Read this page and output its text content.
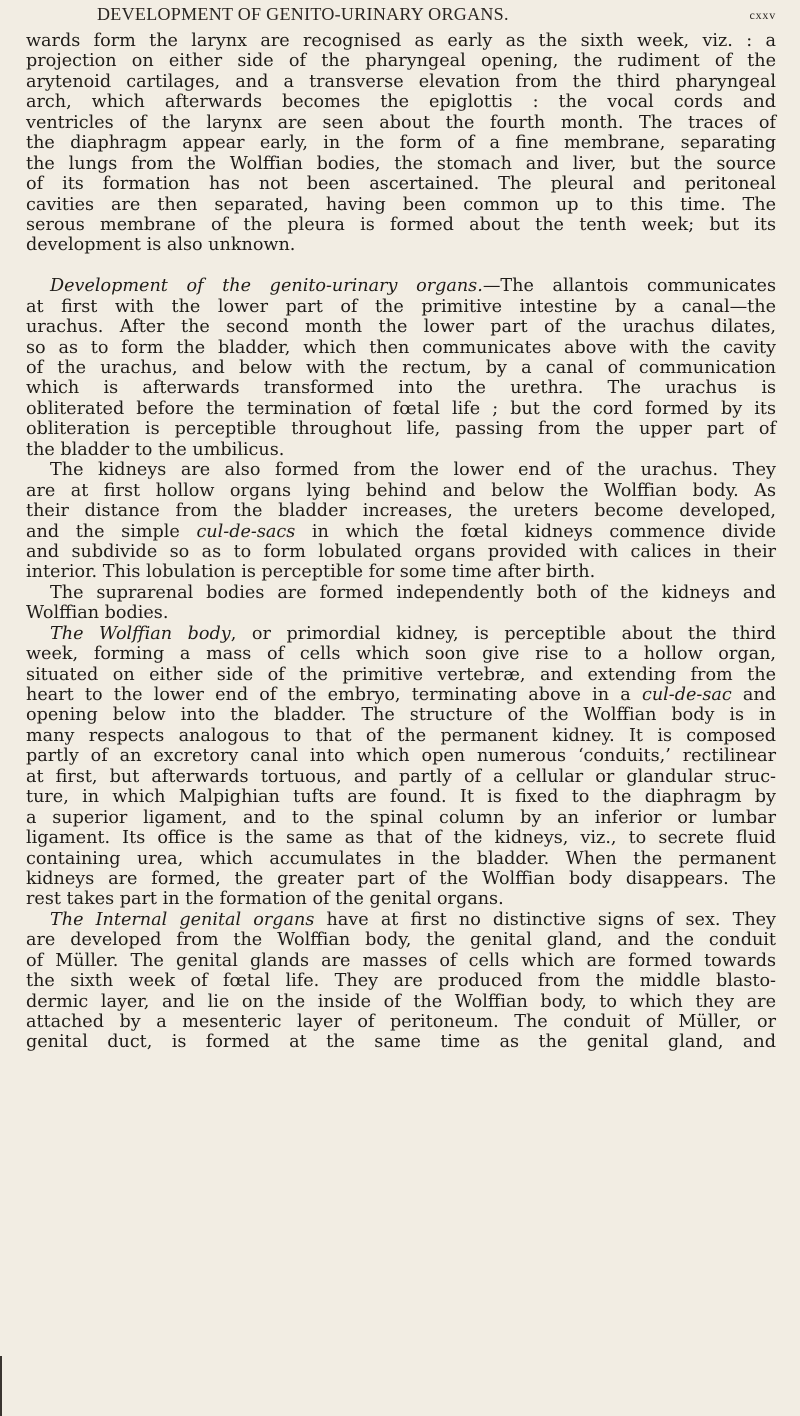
DEVELOPMENT OF GENITO-URINARY ORGANS.	cxxv
wards form the larynx are recognised as early as the sixth week, viz. : a
projection on either side of the pharyngeal opening, the rudiment of the
arytenoid cartilages, and a transverse elevation from the third pharyngeal
arch, which afterwards becomes the epiglottis : the vocal cords and
ventricles of the larynx are seen about the fourth month. The traces of
the diaphragm appear early, in the form of a fine membrane, separating
the lungs from the Wolffian bodies, the stomach and liver, but the source
of its formation has not been ascertained. The pleural and peritoneal
cavities are then separated, having been common up to this time. The
serous membrane of the pleura is formed about the tenth week; but its
development is also unknown.
Development of the genito-urinary organs.—The allantois communicates
at first with the lower part of the primitive intestine by a canal—the
urachus. After the second month the lower part of the urachus dilates,
so as to form the bladder, which then communicates above with the cavity
of the urachus, and below with the rectum, by a canal of communication
which is afterwards transformed into the urethra. The urachus is
obliterated before the termination of fœtal life ; but the cord formed by its
obliteration is perceptible throughout life, passing from the upper part of
the bladder to the umbilicus.
The kidneys are also formed from the lower end of the urachus. They
are at first hollow organs lying behind and below the Wolffian body. As
their distance from the bladder increases, the ureters become developed,
and the simple cul-de-sacs in which the fœtal kidneys commence divide
and subdivide so as to form lobulated organs provided with calices in their
interior. This lobulation is perceptible for some time after birth.
The suprarenal bodies are formed independently both of the kidneys and
Wolffian bodies.
The Wolffian body, or primordial kidney, is perceptible about the third
week, forming a mass of cells which soon give rise to a hollow organ,
situated on either side of the primitive vertebræ, and extending from the
heart to the lower end of the embryo, terminating above in a cul-de-sac and
opening below into the bladder. The structure of the Wolffian body is in
many respects analogous to that of the permanent kidney. It is composed
partly of an excretory canal into which open numerous ‘conduits,’ rectilinear
at first, but afterwards tortuous, and partly of a cellular or glandular struc-
ture, in which Malpighian tufts are found. It is fixed to the diaphragm by
a superior ligament, and to the spinal column by an inferior or lumbar
ligament. Its office is the same as that of the kidneys, viz., to secrete fluid
containing urea, which accumulates in the bladder. When the permanent
kidneys are formed, the greater part of the Wolffian body disappears. The
rest takes part in the formation of the genital organs.
The Internal genital organs have at first no distinctive signs of sex. They
are developed from the Wolffian body, the genital gland, and the conduit
of Müller. The genital glands are masses of cells which are formed towards
the sixth week of fœtal life. They are produced from the middle blasto-
dermic layer, and lie on the inside of the Wolffian body, to which they are
attached by a mesenteric layer of peritoneum. The conduit of Müller, or
genital duct, is formed at the same time as the genital gland, and
